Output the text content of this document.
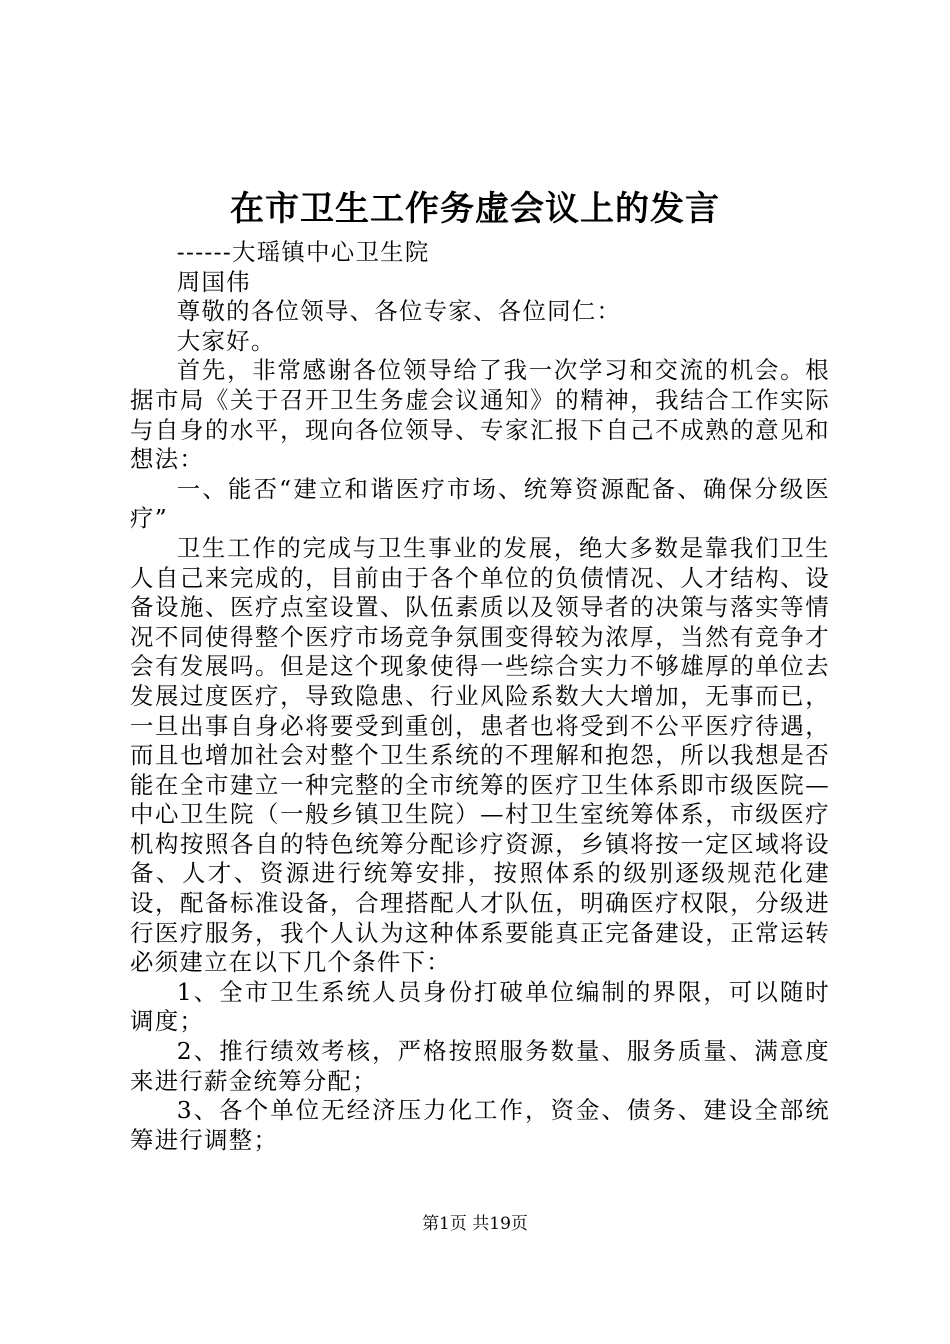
在市卫生工作务虚会议上的发言

------大瑶镇中心卫生院

周国伟

尊敬的各位领导、各位专家、各位同仁：

大家好。

首先，非常感谢各位领导给了我一次学习和交流的机会。根据市局《关于召开卫生务虚会议通知》的精神，我结合工作实际与自身的水平，现向各位领导、专家汇报下自己不成熟的意见和想法：

一、能否“建立和谐医疗市场、统筹资源配备、确保分级医疗”

卫生工作的完成与卫生事业的发展，绝大多数是靠我们卫生人自己来完成的，目前由于各个单位的负债情况、人才结构、设备设施、医疗点室设置、队伍素质以及领导者的决策与落实等情况不同使得整个医疗市场竞争氛围变得较为浓厚，当然有竞争才会有发展吗。但是这个现象使得一些综合实力不够雄厚的单位去发展过度医疗，导致隐患、行业风险系数大大增加，无事而已，一旦出事自身必将要受到重创，患者也将受到不公平医疗待遇，而且也增加社会对整个卫生系统的不理解和抱怨，所以我想是否能在全市建立一种完整的全市统筹的医疗卫生体系即市级医院—中心卫生院（一般乡镇卫生院）—村卫生室统筹体系，市级医疗机构按照各自的特色统筹分配诊疗资源，乡镇将按一定区域将设备、人才、资源进行统筹安排，按照体系的级别逐级规范化建设，配备标准设备，合理搭配人才队伍，明确医疗权限，分级进行医疗服务，我个人认为这种体系要能真正完备建设，正常运转必须建立在以下几个条件下：

1、全市卫生系统人员身份打破单位编制的界限，可以随时调度；

2、推行绩效考核，严格按照服务数量、服务质量、满意度来进行薪金统筹分配；

3、各个单位无经济压力化工作，资金、债务、建设全部统筹进行调整；

第1页 共19页
